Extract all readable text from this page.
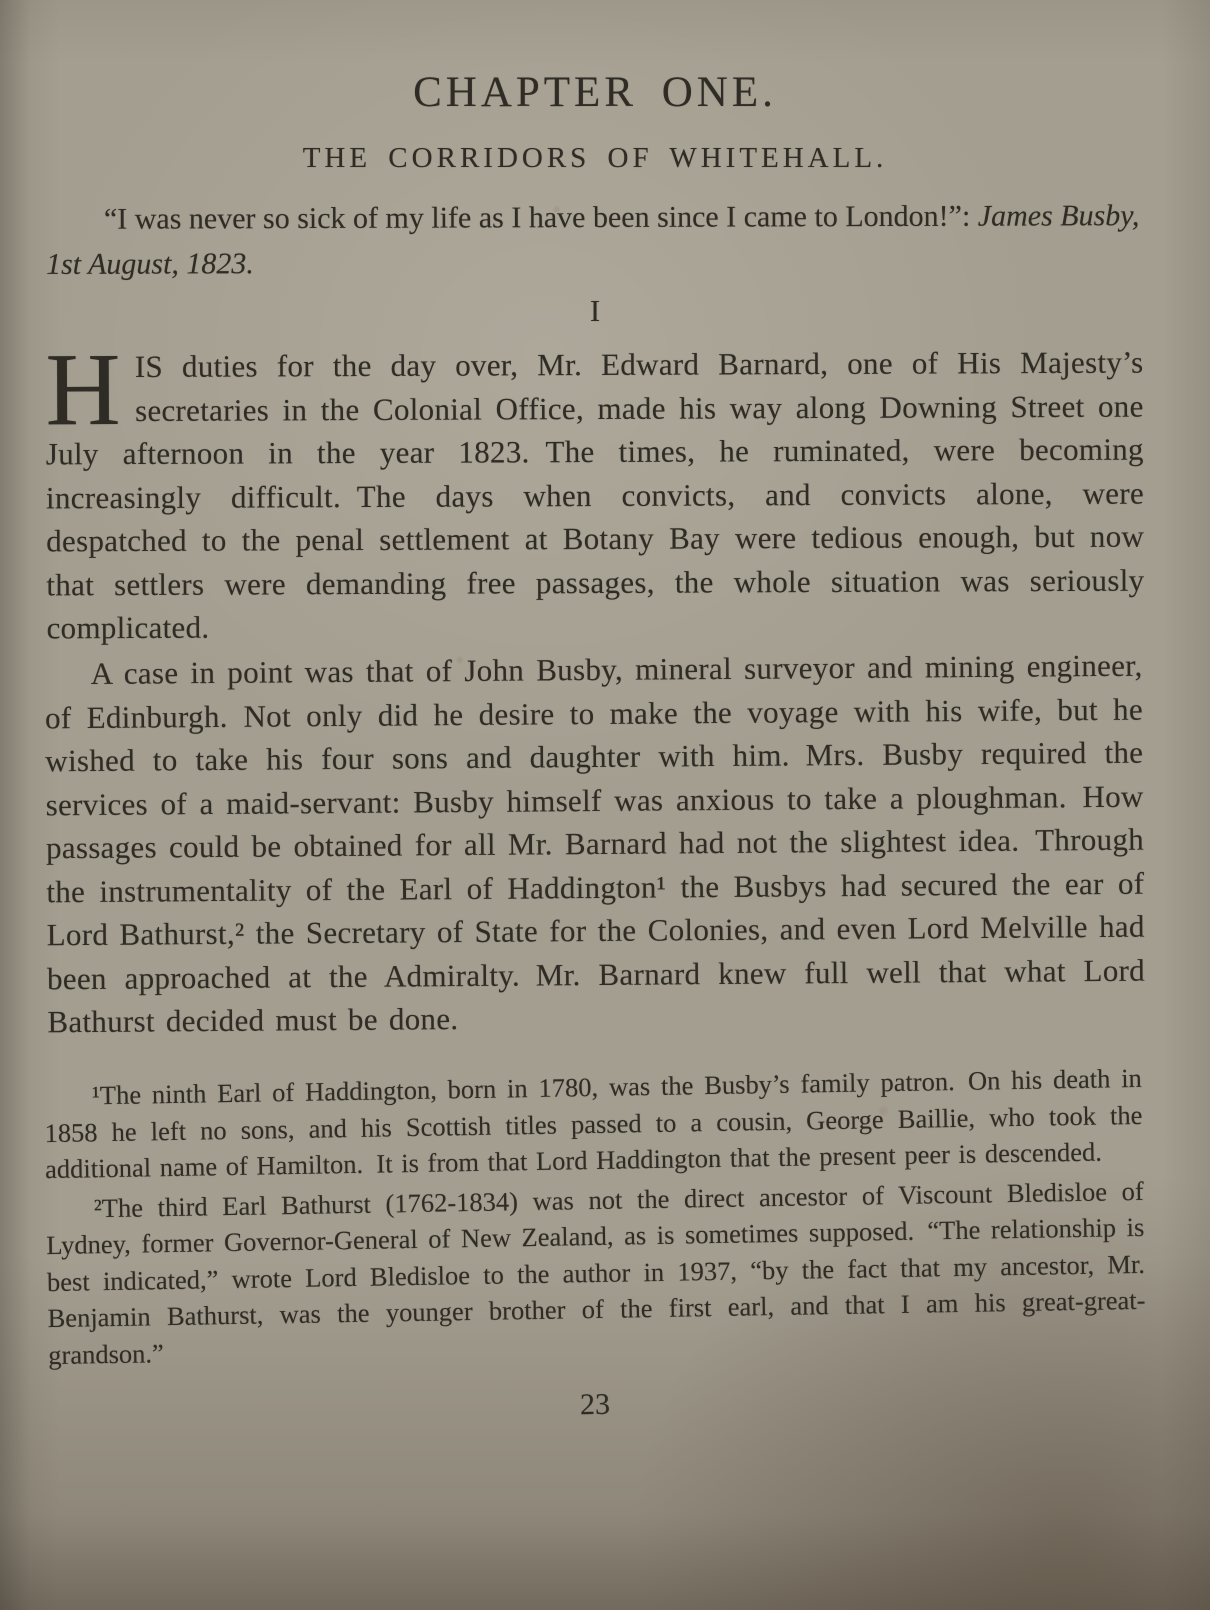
CHAPTER ONE.
THE CORRIDORS OF WHITEHALL.

“I was never so sick of my life as I have been since I came to London!”: James Busby, 1st August, 1823.

I

HIS duties for the day over, Mr. Edward Barnard, one of His Majesty’s secretaries in the Colonial Office, made his way along Downing Street one July afternoon in the year 1823. The times, he ruminated, were becoming increasingly difficult. The days when convicts, and convicts alone, were despatched to the penal settlement at Botany Bay were tedious enough, but now that settlers were demanding free passages, the whole situation was seriously complicated.

A case in point was that of John Busby, mineral surveyor and mining engineer, of Edinburgh. Not only did he desire to make the voyage with his wife, but he wished to take his four sons and daughter with him. Mrs. Busby required the services of a maid-servant: Busby himself was anxious to take a ploughman. How passages could be obtained for all Mr. Barnard had not the slightest idea. Through the instrumentality of the Earl of Haddington¹ the Busbys had secured the ear of Lord Bathurst,² the Secretary of State for the Colonies, and even Lord Melville had been approached at the Admiralty. Mr. Barnard knew full well that what Lord Bathurst decided must be done.

¹The ninth Earl of Haddington, born in 1780, was the Busby’s family patron. On his death in 1858 he left no sons, and his Scottish titles passed to a cousin, George Baillie, who took the additional name of Hamilton. It is from that Lord Haddington that the present peer is descended.

²The third Earl Bathurst (1762-1834) was not the direct ancestor of Viscount Bledisloe of Lydney, former Governor-General of New Zealand, as is sometimes supposed. “The relationship is best indicated,” wrote Lord Bledisloe to the author in 1937, “by the fact that my ancestor, Mr. Benjamin Bathurst, was the younger brother of the first earl, and that I am his great-great-grandson.”

23
